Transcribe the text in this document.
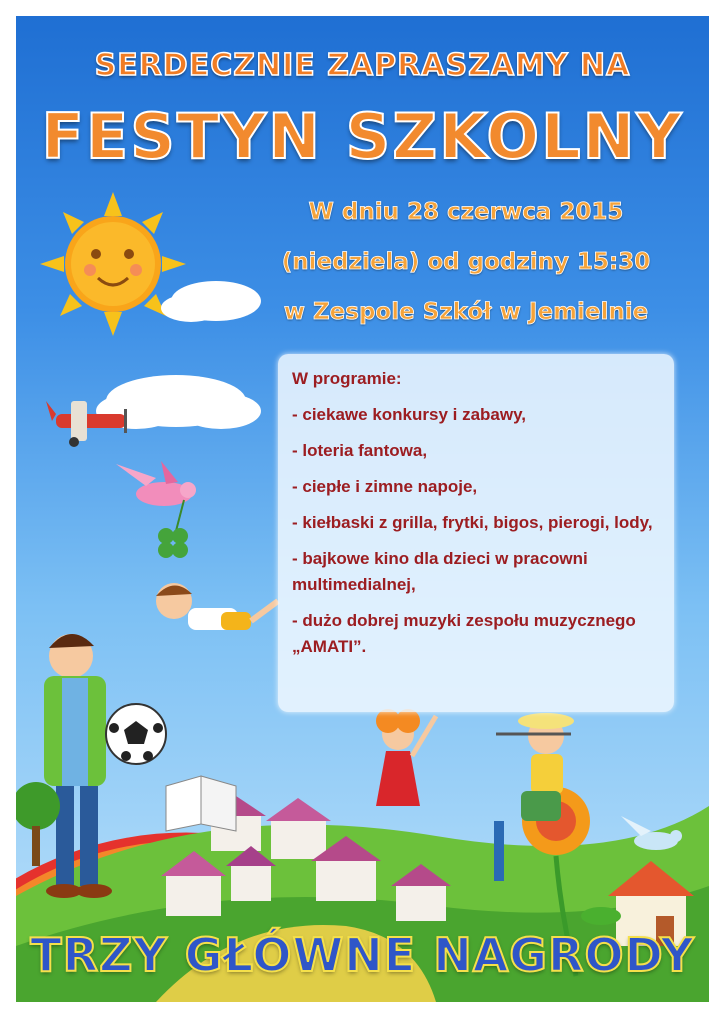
SERDECZNIE ZAPRASZAMY NA
FESTYN SZKOLNY
W dniu 28 czerwca 2015
(niedziela) od godziny 15:30
w Zespole Szkół w Jemielnie
W programie:
- ciekawe konkursy i zabawy,
- loteria fantowa,
- ciepłe i zimne napoje,
- kiełbaski z grilla, frytki, bigos, pierogi, lody,
- bajkowe kino dla dzieci w pracowni multimedialnej,
- dużo dobrej muzyki zespołu muzycznego „AMATI”.
TRZY GŁÓWNE NAGRODY
